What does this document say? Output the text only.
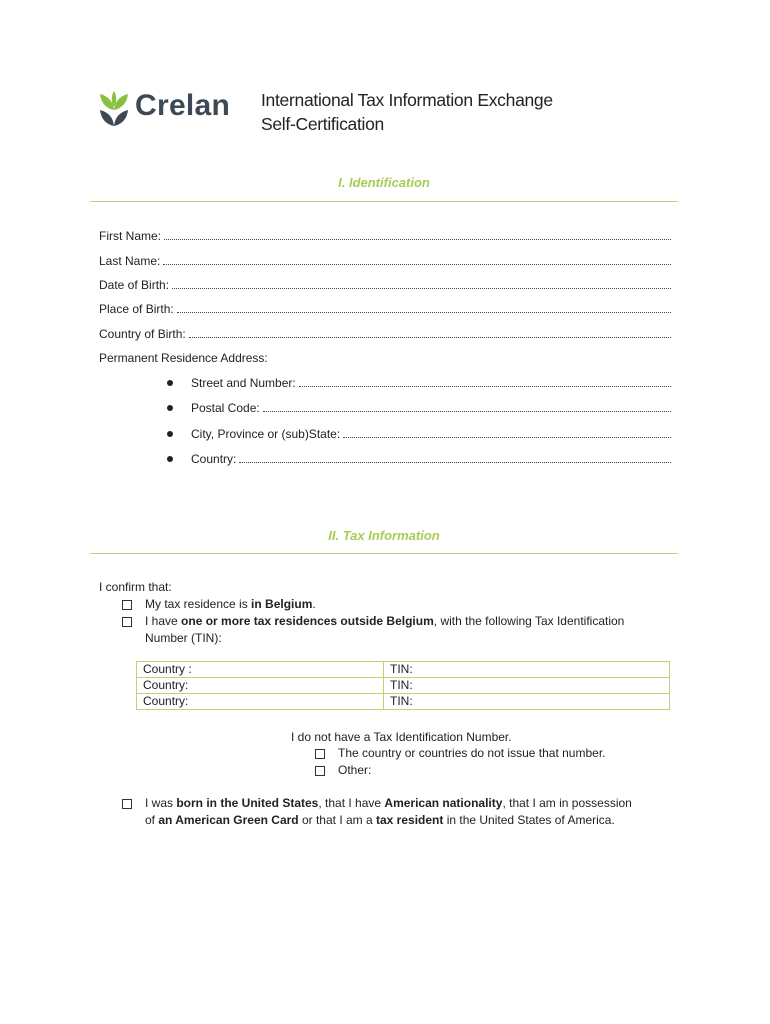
Crelan International Tax Information Exchange
Self-Certification
I. Identification
First Name:
Last Name:
Date of Birth:
Place of Birth:
Country of Birth:
Permanent Residence Address:
Street and Number:
Postal Code:
City, Province or (sub)State:
Country:
II. Tax Information
I confirm that:
My tax residence is in Belgium.
I have one or more tax residences outside Belgium, with the following Tax Identification
Number (TIN):
Country :	TIN:
Country:	TIN:
Country:	TIN:
I do not have a Tax Identification Number.
The country or countries do not issue that number.
Other:
I was born in the United States, that I have American nationality, that I am in possession
of an American Green Card or that I am a tax resident in the United States of America.
